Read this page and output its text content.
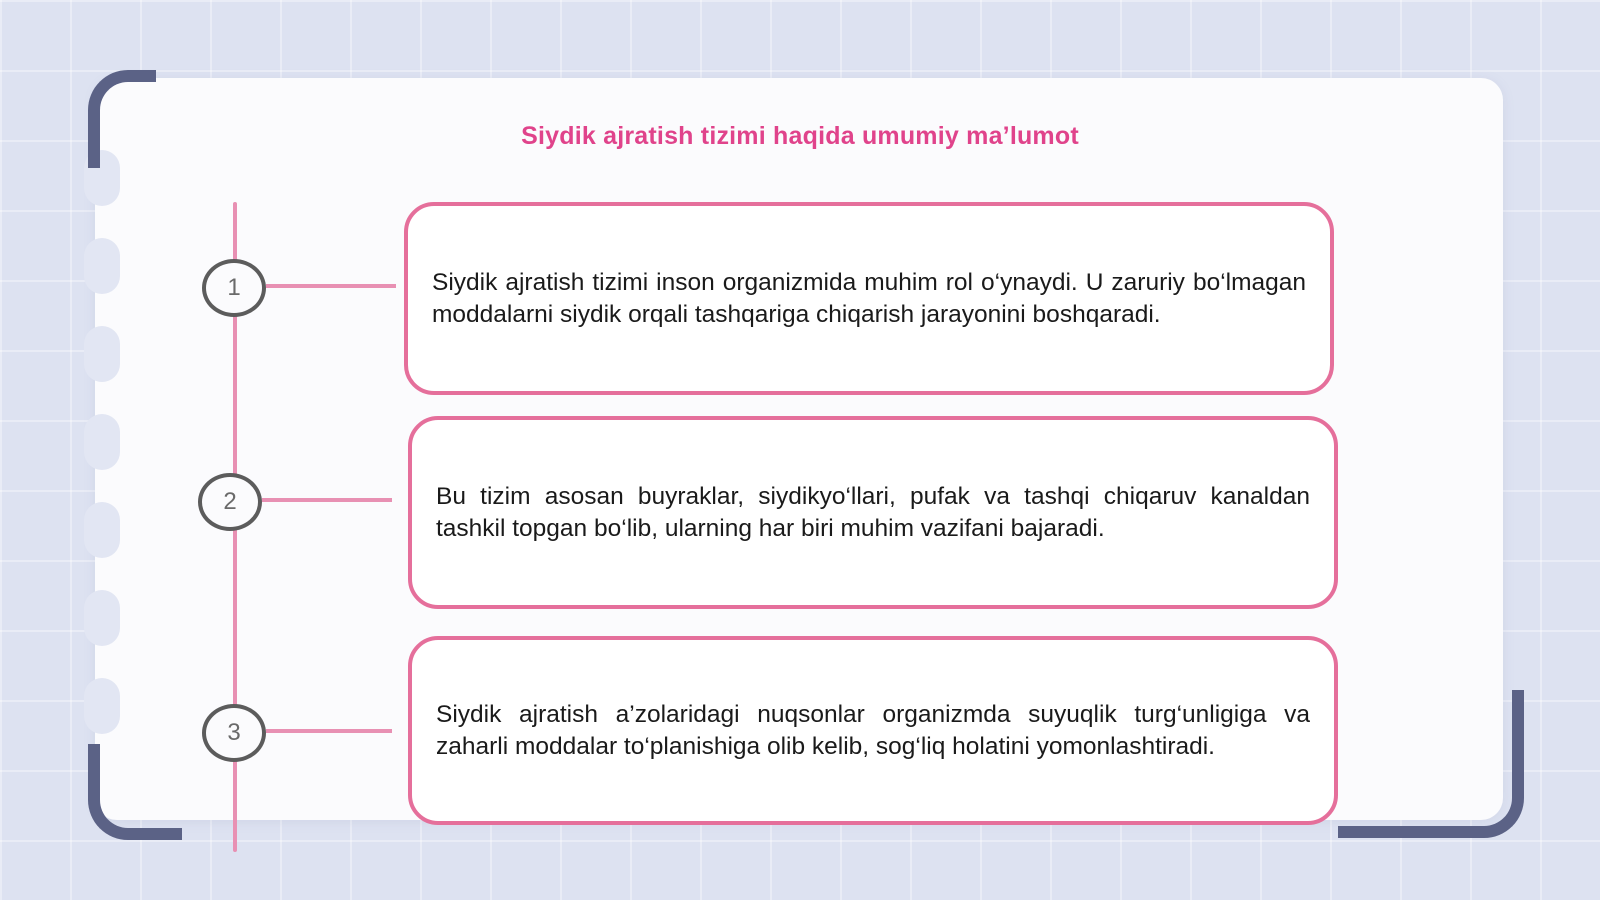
Siydik ajratish tizimi haqida umumiy ma’lumot
1	Siydik ajratish tizimi inson organizmida muhim rol o‘ynaydi. U zaruriy bo‘lmagan moddalarni siydik orqali tashqariga chiqarish jarayonini boshqaradi.

2	Bu tizim asosan buyraklar, siydikyo‘llari, pufak va tashqi chiqaruv kanaldan tashkil topgan bo‘lib, ularning har biri muhim vazifani bajaradi.

3

Siydik ajratish a’zolaridagi nuqsonlar organizmda suyuqlik turg‘unligiga va zaharli moddalar to‘planishiga olib kelib, sog‘liq holatini yomonlashtiradi.
